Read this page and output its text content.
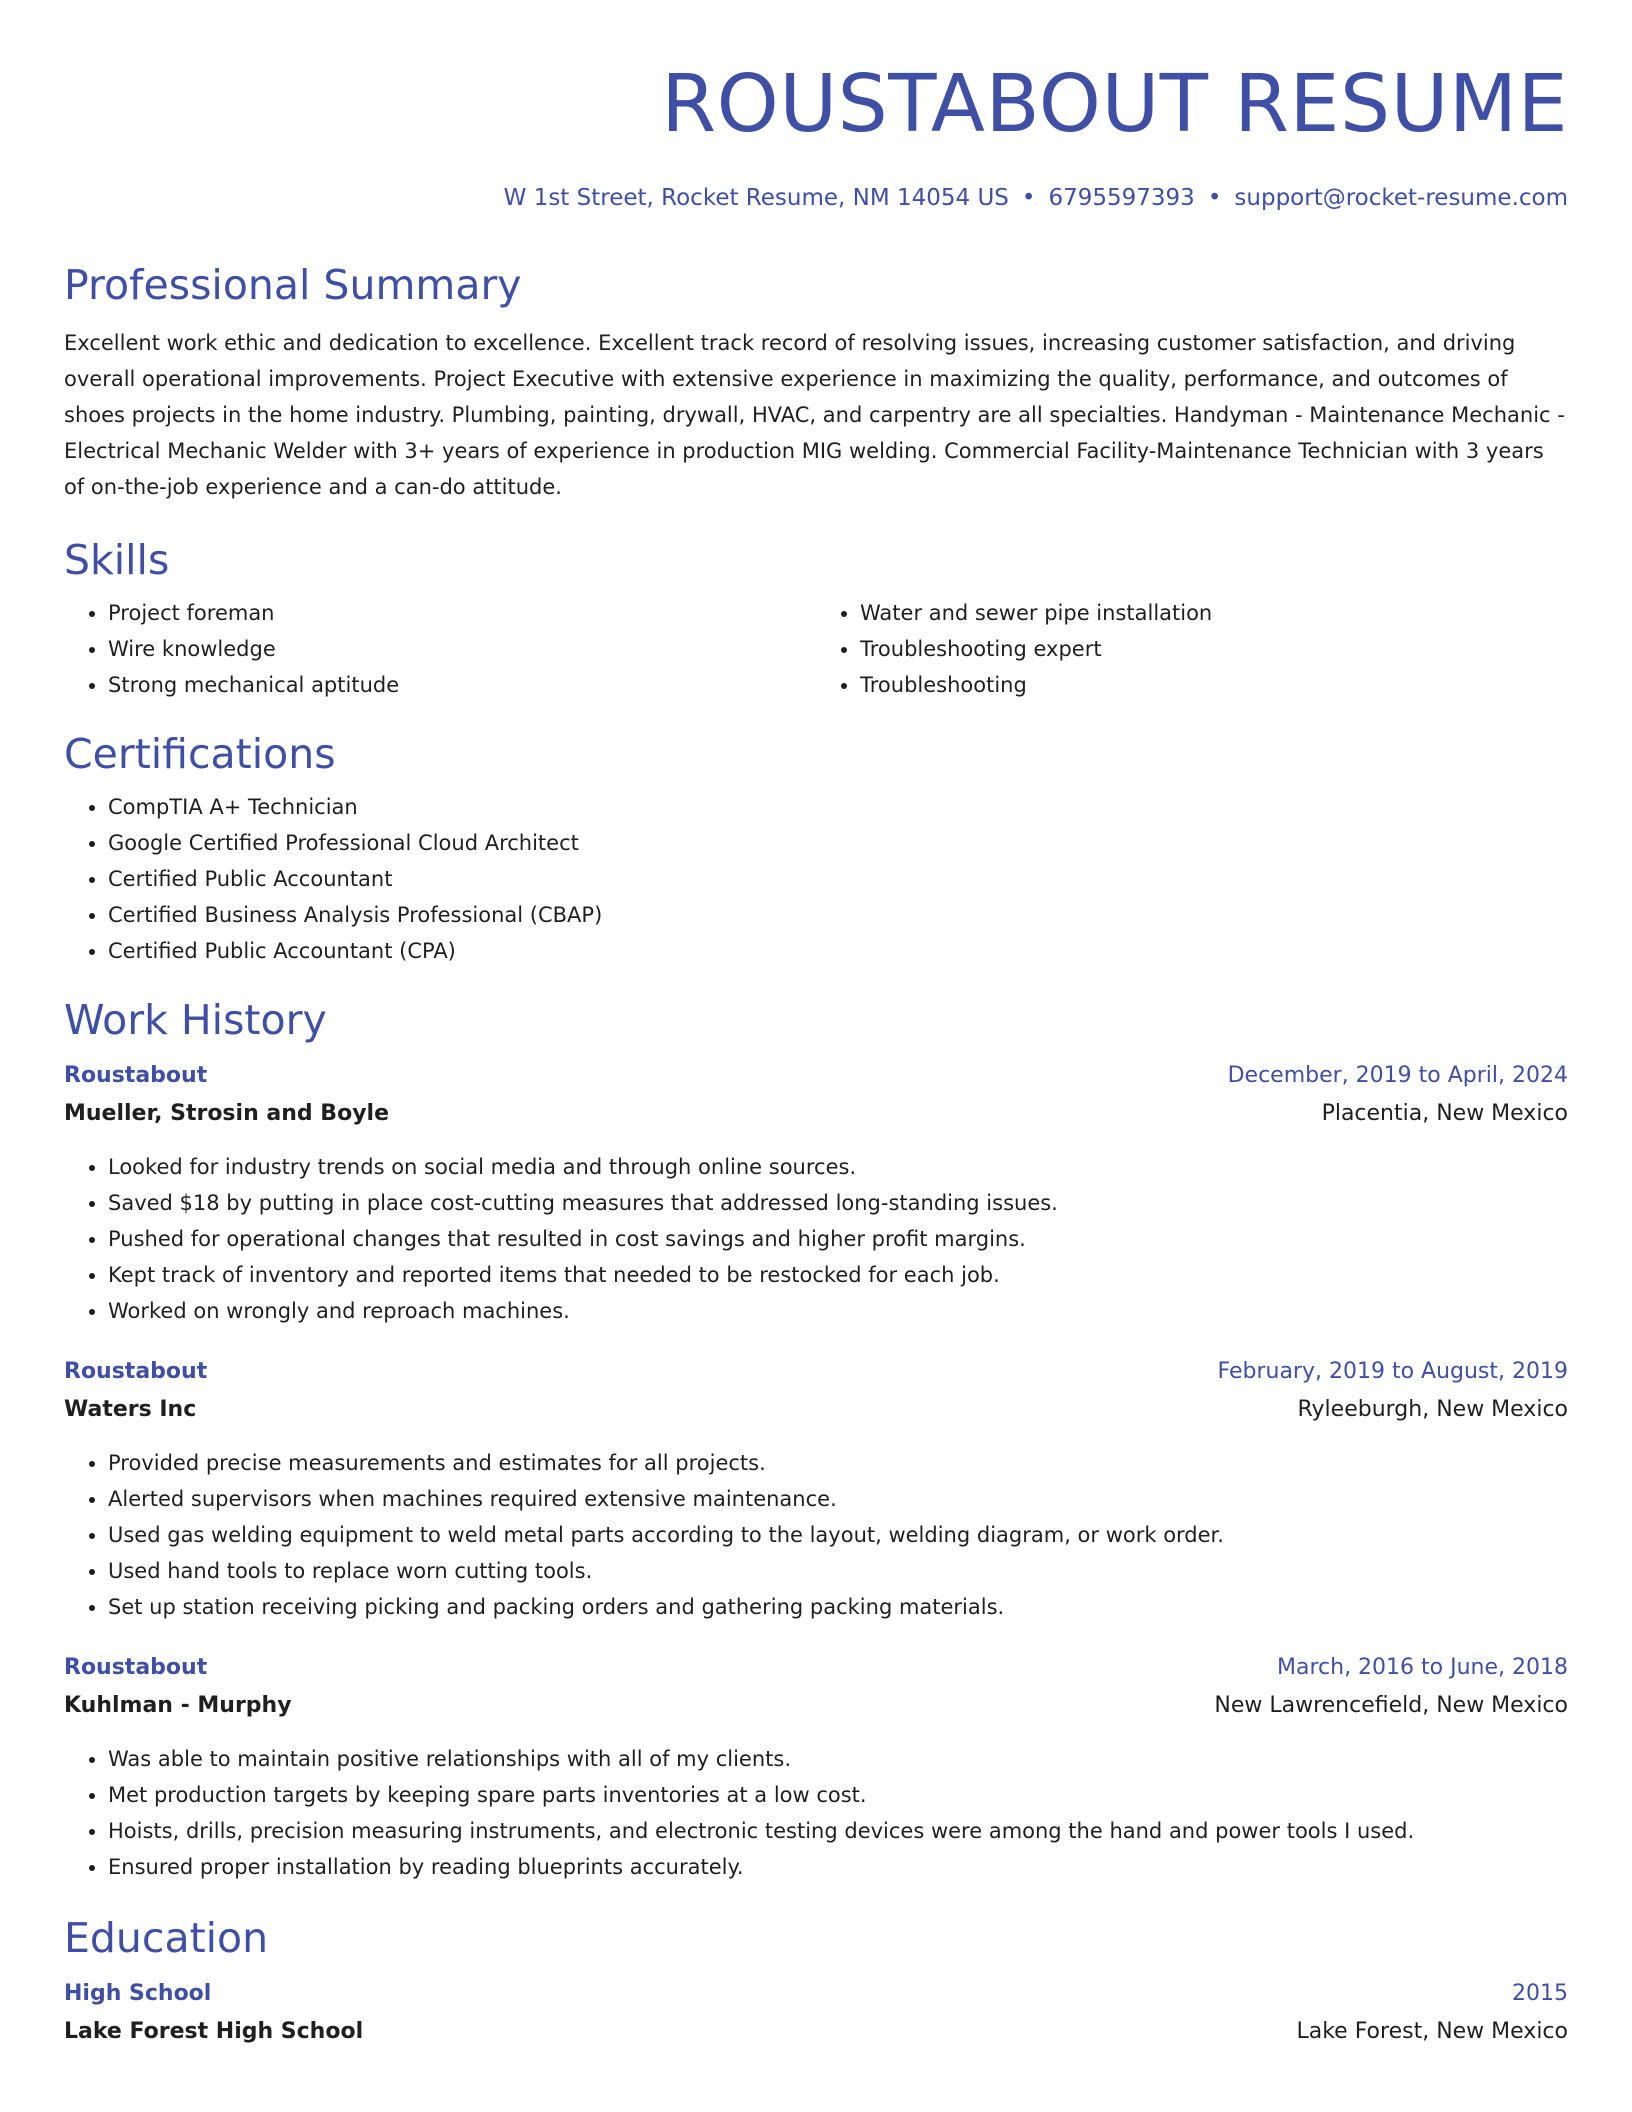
ROUSTABOUT RESUME
W 1st Street, Rocket Resume, NM 14054 US • 6795597393 • support@rocket-resume.com
Professional Summary

Excellent work ethic and dedication to excellence. Excellent track record of resolving issues, increasing customer satisfaction, and driving overall operational improvements. Project Executive with extensive experience in maximizing the quality, performance, and outcomes of shoes projects in the home industry. Plumbing, painting, drywall, HVAC, and carpentry are all specialties. Handyman - Maintenance Mechanic - Electrical Mechanic Welder with 3+ years of experience in production MIG welding. Commercial Facility-Maintenance Technician with 3 years of on-the-job experience and a can-do attitude.

Skills
• Project foreman
• Wire knowledge
• Strong mechanical aptitude
• Water and sewer pipe installation
• Troubleshooting expert
• Troubleshooting
Certifications
• CompTIA A+ Technician
• Google Certified Professional Cloud Architect
• Certified Public Accountant
• Certified Business Analysis Professional (CBAP)
• Certified Public Accountant (CPA)
Work History
Roustabout	December, 2019 to April, 2024
Mueller, Strosin and Boyle	Placentia, New Mexico
• Looked for industry trends on social media and through online sources.
• Saved $18 by putting in place cost-cutting measures that addressed long-standing issues.
• Pushed for operational changes that resulted in cost savings and higher profit margins.
• Kept track of inventory and reported items that needed to be restocked for each job.
• Worked on wrongly and reproach machines.
Roustabout	February, 2019 to August, 2019
Waters Inc	Ryleeburgh, New Mexico
• Provided precise measurements and estimates for all projects.
• Alerted supervisors when machines required extensive maintenance.
• Used gas welding equipment to weld metal parts according to the layout, welding diagram, or work order.
• Used hand tools to replace worn cutting tools.
• Set up station receiving picking and packing orders and gathering packing materials.
Roustabout	March, 2016 to June, 2018
Kuhlman - Murphy	New Lawrencefield, New Mexico
• Was able to maintain positive relationships with all of my clients.
• Met production targets by keeping spare parts inventories at a low cost.
• Hoists, drills, precision measuring instruments, and electronic testing devices were among the hand and power tools I used.
• Ensured proper installation by reading blueprints accurately.
Education
High School	2015
Lake Forest High School	Lake Forest, New Mexico
